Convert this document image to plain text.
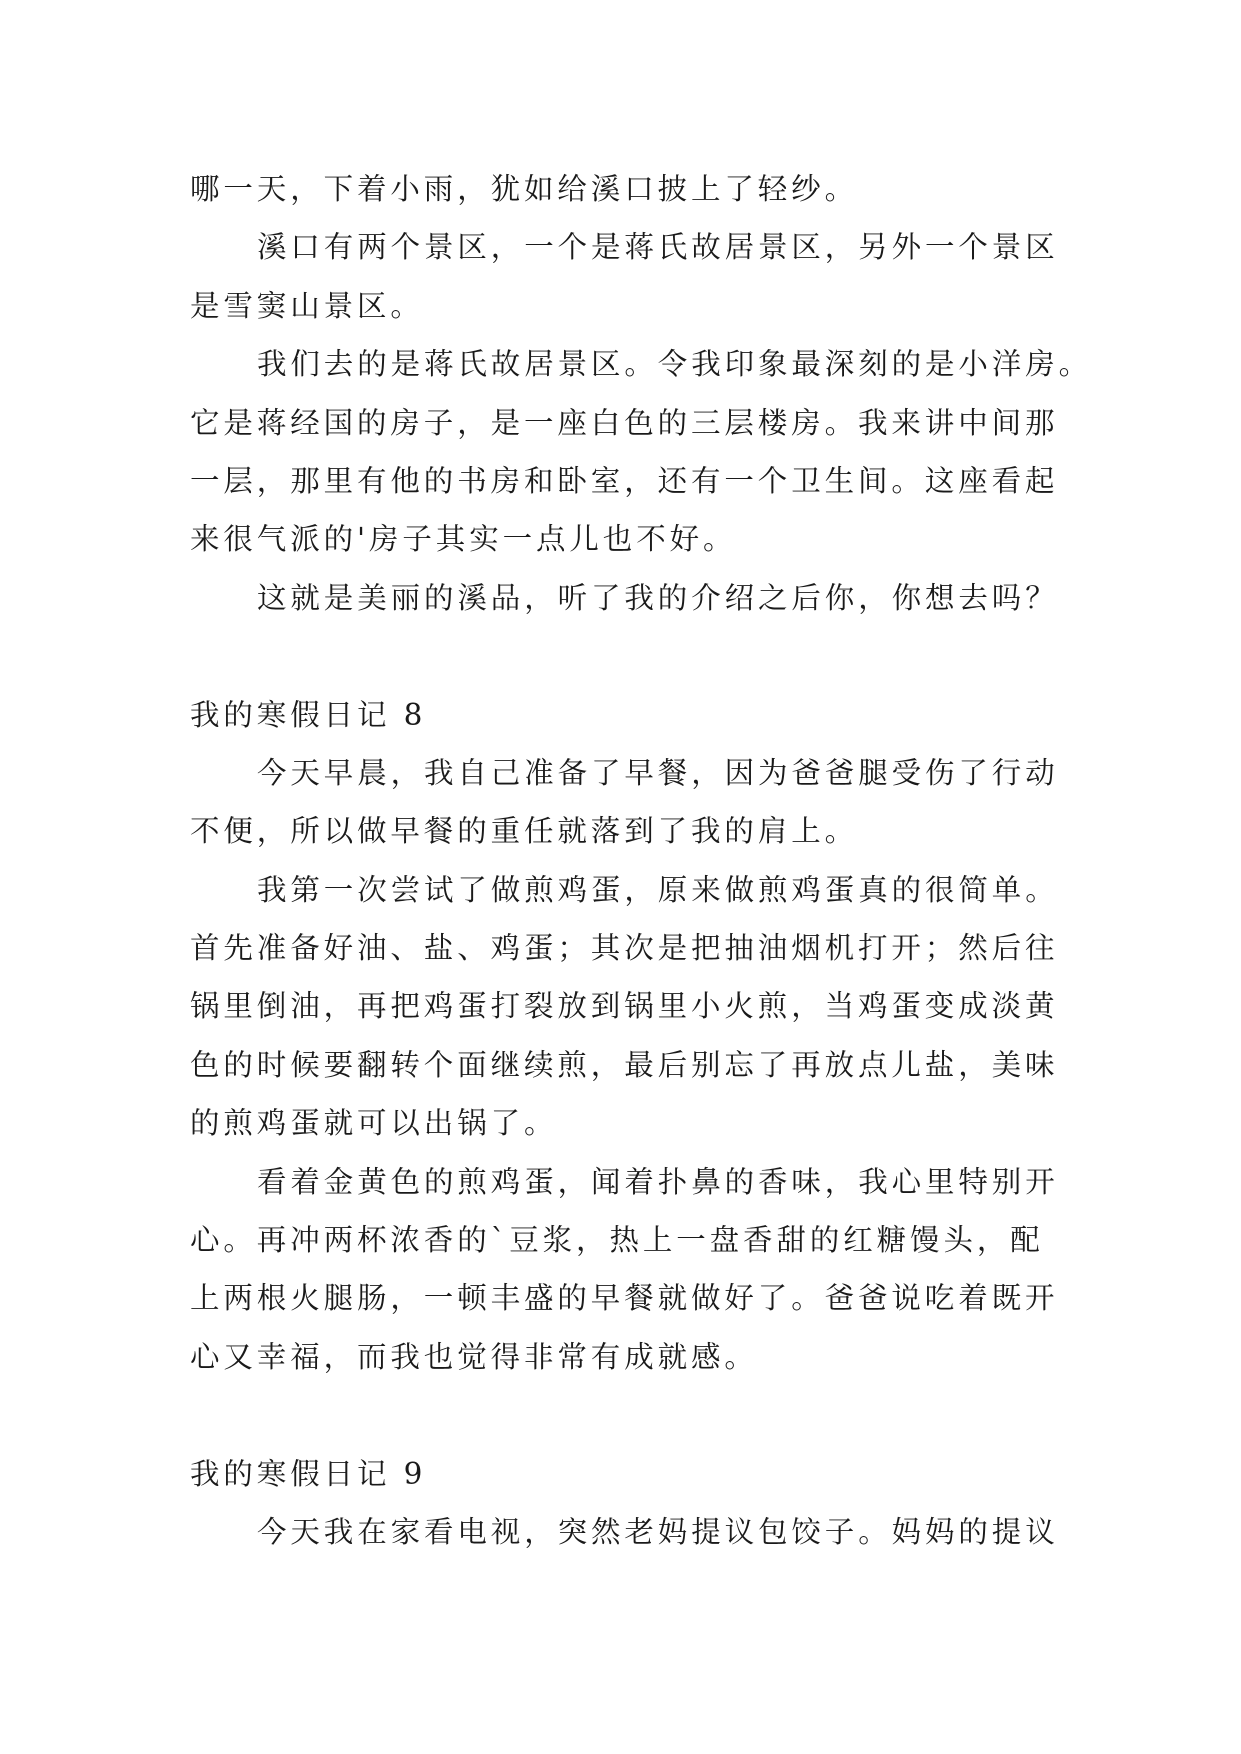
哪一天，下着小雨，犹如给溪口披上了轻纱。
溪口有两个景区，一个是蒋氏故居景区，另外一个景区
是雪窦山景区。
我们去的是蒋氏故居景区。令我印象最深刻的是小洋房。
它是蒋经国的房子，是一座白色的三层楼房。我来讲中间那
一层，那里有他的书房和卧室，还有一个卫生间。这座看起
来很气派的'房子其实一点儿也不好。
这就是美丽的溪品，听了我的介绍之后你，你想去吗？
我的寒假日记 8
今天早晨，我自己准备了早餐，因为爸爸腿受伤了行动
不便，所以做早餐的重任就落到了我的肩上。
我第一次尝试了做煎鸡蛋，原来做煎鸡蛋真的很简单。
首先准备好油、盐、鸡蛋；其次是把抽油烟机打开；然后往
锅里倒油，再把鸡蛋打裂放到锅里小火煎，当鸡蛋变成淡黄
色的时候要翻转个面继续煎，最后别忘了再放点儿盐，美味
的煎鸡蛋就可以出锅了。
看着金黄色的煎鸡蛋，闻着扑鼻的香味，我心里特别开
心。再冲两杯浓香的`豆浆，热上一盘香甜的红糖馒头，配
上两根火腿肠，一顿丰盛的早餐就做好了。爸爸说吃着既开
心又幸福，而我也觉得非常有成就感。
我的寒假日记 9
今天我在家看电视，突然老妈提议包饺子。妈妈的提议
